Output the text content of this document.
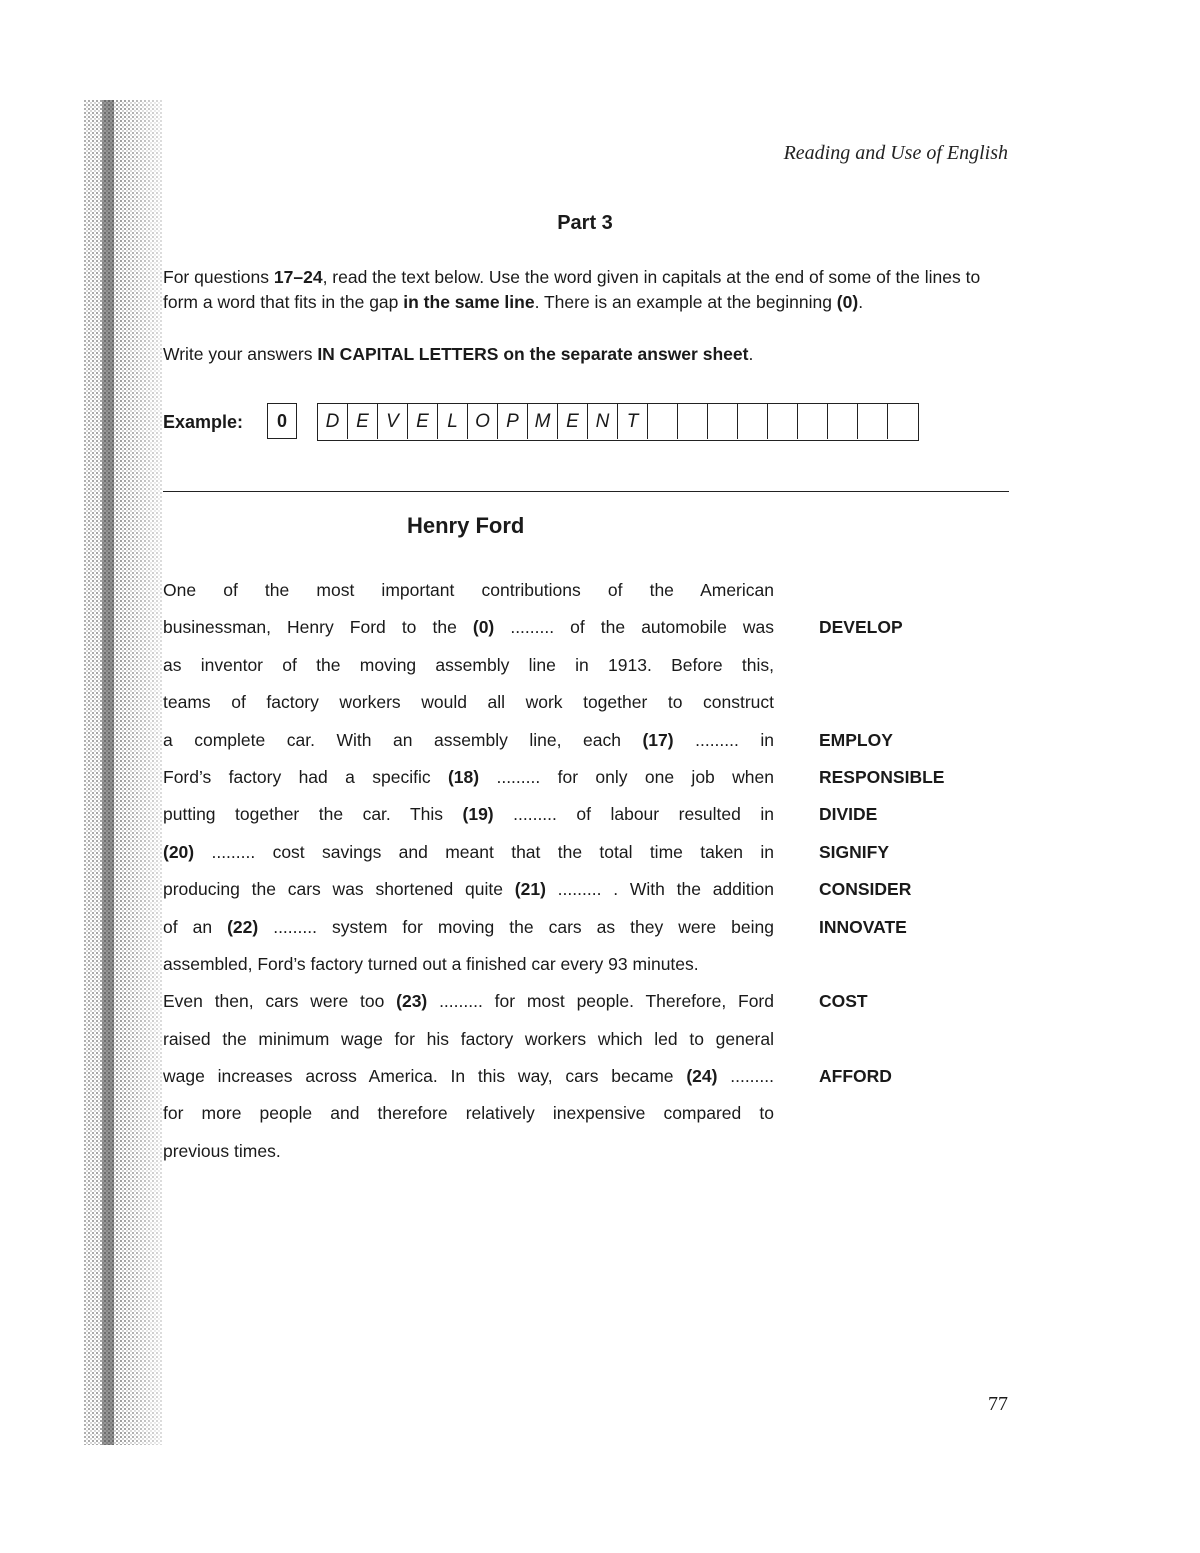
Reading and Use of English
Part 3
For questions 17–24, read the text below. Use the word given in capitals at the end of some of the lines to form a word that fits in the gap in the same line. There is an example at the beginning (0).
Write your answers IN CAPITAL LETTERS on the separate answer sheet.
Example:	0	D E V E L O P M E N T
Henry Ford
One of the most important contributions of the American
businessman, Henry Ford to the (0) ......... of the automobile was
as inventor of the moving assembly line in 1913. Before this,
teams of factory workers would all work together to construct
a complete car. With an assembly line, each (17) ......... in
Ford’s factory had a specific (18) ......... for only one job when
putting together the car. This (19) ......... of labour resulted in
(20) ......... cost savings and meant that the total time taken in
producing the cars was shortened quite (21) ......... . With the addition
of an (22) ......... system for moving the cars as they were being
assembled, Ford’s factory turned out a finished car every 93 minutes.
Even then, cars were too (23) ......... for most people. Therefore, Ford
raised the minimum wage for his factory workers which led to general
wage increases across America. In this way, cars became (24) .........
for more people and therefore relatively inexpensive compared to
previous times.
DEVELOP
EMPLOY
RESPONSIBLE
DIVIDE
SIGNIFY
CONSIDER
INNOVATE
COST
AFFORD
77
